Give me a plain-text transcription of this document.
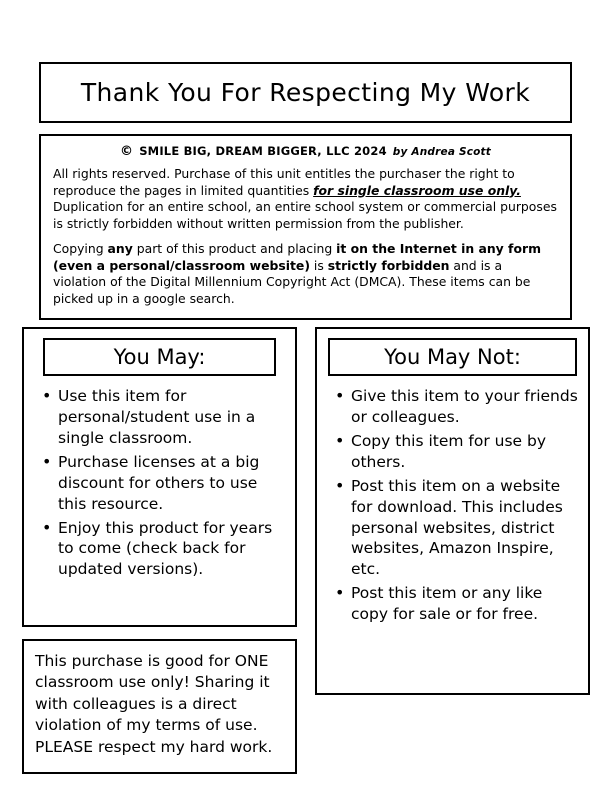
Thank You For Respecting My Work
© SMILE BIG, DREAM BIGGER, LLC 2024 by Andrea Scott

All rights reserved. Purchase of this unit entitles the purchaser the right to reproduce the pages in limited quantities for single classroom use only. Duplication for an entire school, an entire school system or commercial purposes is strictly forbidden without written permission from the publisher.

Copying any part of this product and placing it on the Internet in any form (even a personal/classroom website) is strictly forbidden and is a violation of the Digital Millennium Copyright Act (DMCA). These items can be picked up in a google search.

You May:
• Use this item for personal/student use in a single classroom.
• Purchase licenses at a big discount for others to use this resource.
• Enjoy this product for years to come (check back for updated versions).
You May Not:
• Give this item to your friends or colleagues.
• Copy this item for use by others.
• Post this item on a website for download. This includes personal websites, district websites, Amazon Inspire, etc.
• Post this item or any like copy for sale or for free.

This purchase is good for ONE classroom use only! Sharing it with colleagues is a direct violation of my terms of use. PLEASE respect my hard work.
